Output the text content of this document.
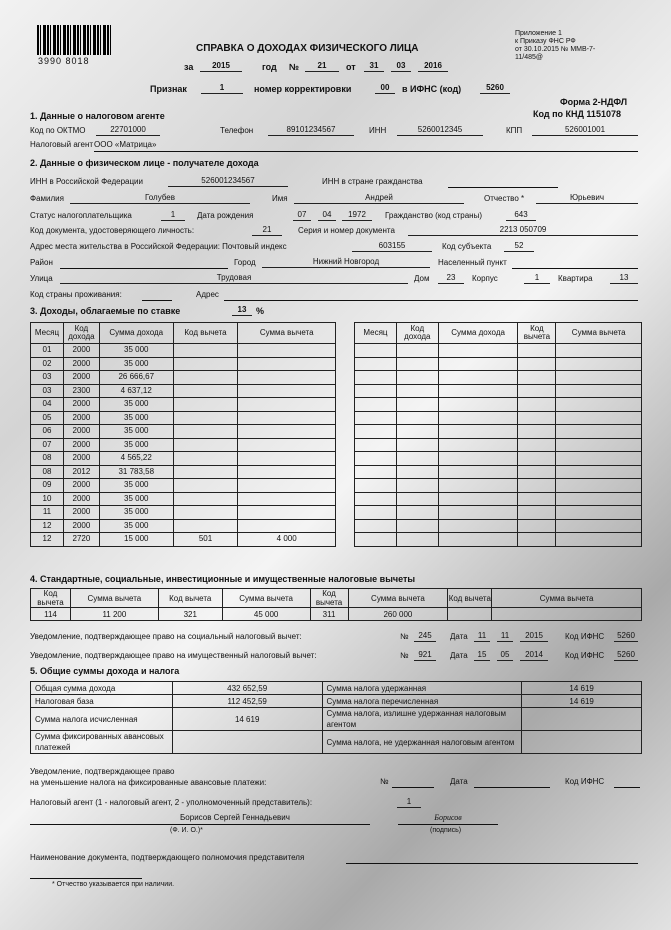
3990 8018
Приложение 1
к Приказу ФНС РФ
от 30.10.2015 № ММВ-7-
11/485@
СПРАВКА О ДОХОДАХ ФИЗИЧЕСКОГО ЛИЦА
за	2015	год №	21	от	31	03	2016
Признак	1	номер корректировки	00	в ИФНС (код)	5260
Форма 2-НДФЛ
Код по КНД 1151078
1. Данные о налоговом агенте
Код по ОКТМО	22701000	Телефон	89101234567	ИНН	5260012345	КПП	526001001
Налоговый агент ООО «Матрица»
2. Данные о физическом лице - получателе дохода
ИНН в Российской Федерации	526001234567	ИНН в стране гражданства
Фамилия	Голубев	Имя	Андрей	Отчество *	Юрьевич
Статус налогоплательщика	1	Дата рождения	07	04	1972	Гражданство (код страны)	643
Код документа, удостоверяющего личность:	21	Серия и номер документа	2213 050709
Адрес места жительства в Российской Федерации: Почтовый индекс	603155	Код субъекта	52
Район	Город	Нижний Новгород	Населенный пункт
Улица	Трудовая	Дом	23	Корпус	1	Квартира	13
Код страны проживания:	Адрес
3. Доходы, облагаемые по ставке	13	%
Месяц	Код дохода	Сумма дохода	Код вычета	Сумма вычета
01	2000	35 000		
02	2000	35 000		
03	2000	26 666,67		
03	2300	4 637,12		
04	2000	35 000		
05	2000	35 000		
06	2000	35 000		
07	2000	35 000		
08	2000	4 565,22		
08	2012	31 783,58		
09	2000	35 000		
10	2000	35 000		
11	2000	35 000		
12	2000	35 000		
12	2720	15 000	501	4 000
Месяц	Код дохода	Сумма дохода	Код вычета	Сумма вычета

4. Стандартные, социальные, инвестиционные и имущественные налоговые вычеты
Код вычета	Сумма вычета	Код вычета	Сумма вычета	Код вычета	Сумма вычета	Код вычета	Сумма вычета
114	11 200	321	45 000	311	260 000		
Уведомление, подтверждающее право на социальный налоговый вычет:	№	245	Дата	11	11	2015	Код ИФНС	5260
Уведомление, подтверждающее право на имущественный налоговый вычет:	№	921	Дата	15	05	2014	Код ИФНС	5260
5. Общие суммы дохода и налога
Общая сумма дохода	432 652,59	Сумма налога удержанная	14 619
Налоговая база	112 452,59	Сумма налога перечисленная	14 619
Сумма налога исчисленная	14 619	Сумма налога, излишне удержанная налоговым агентом	
Сумма фиксированных авансовых платежей		Сумма налога, не удержанная налоговым агентом	
Уведомление, подтверждающее право
на уменьшение налога на фиксированные авансовые платежи:	№	Дата	Код ИФНС
Налоговый агент (1 - налоговый агент, 2 - уполномоченный представитель):	1
Борисов Сергей Геннадьевич
(Ф. И. О.)*
Борисов
(подпись)
Наименование документа, подтверждающего полномочия представителя
* Отчество указывается при наличии.
